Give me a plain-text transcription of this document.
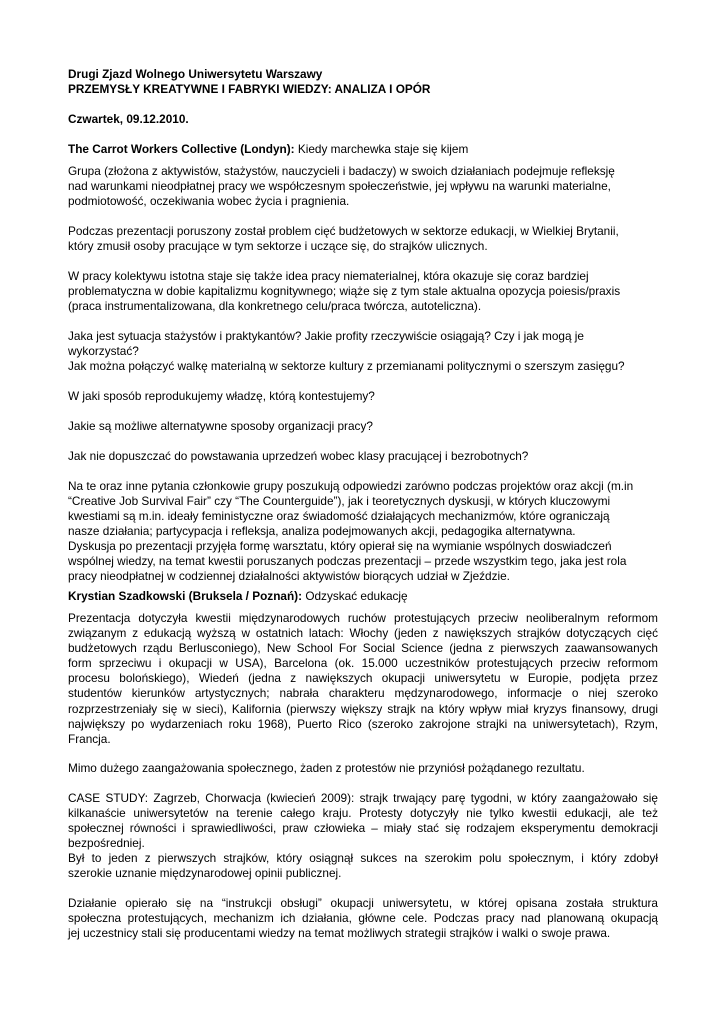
Drugi Zjazd Wolnego Uniwersytetu Warszawy
PRZEMYSŁY KREATYWNE I FABRYKI WIEDZY: ANALIZA I OPÓR
Czwartek, 09.12.2010.
The Carrot Workers Collective (Londyn): Kiedy marchewka staje się kijem
Grupa (złożona z aktywistów, stażystów, nauczycieli i badaczy) w swoich działaniach podejmuje refleksję
nad warunkami nieodpłatnej pracy we współczesnym społeczeństwie, jej wpływu na warunki materialne,
podmiotowość, oczekiwania wobec życia i pragnienia.
Podczas prezentacji poruszony został problem cięć budżetowych w sektorze edukacji, w Wielkiej Brytanii,
który zmusił osoby pracujące w tym sektorze i uczące się, do strajków ulicznych.
W pracy kolektywu istotna staje się także idea pracy niematerialnej, która okazuje się coraz bardziej
problematyczna w dobie kapitalizmu kognitywnego; wiąże się z tym stale aktualna opozycja poiesis/praxis
(praca instrumentalizowana, dla konkretnego celu/praca twórcza, autoteliczna).
Jaka jest sytuacja stażystów i praktykantów? Jakie profity rzeczywiście osiągają? Czy i jak mogą je
wykorzystać?
Jak można połączyć walkę materialną w sektorze kultury z przemianami politycznymi o szerszym zasięgu?
W jaki sposób reprodukujemy władzę, którą kontestujemy?
Jakie są możliwe alternatywne sposoby organizacji pracy?
Jak nie dopuszczać do powstawania uprzedzeń wobec klasy pracującej i bezrobotnych?
Na te oraz inne pytania członkowie grupy poszukują odpowiedzi zarówno podczas projektów oraz akcji (m.in
“Creative Job Survival Fair” czy “The Counterguide”), jak i teoretycznych dyskusji, w których kluczowymi
kwestiami są m.in. ideały feministyczne oraz świadomość działających mechanizmów, które ograniczają
nasze działania; partycypacja i refleksja, analiza podejmowanych akcji, pedagogika alternatywna.
Dyskusja po prezentacji przyjęła formę warsztatu, który opierał się na wymianie wspólnych doswiadczeń
wspólnej wiedzy, na temat kwestii poruszanych podczas prezentacji – przede wszystkim tego, jaka jest rola
pracy nieodpłatnej w codziennej działalności aktywistów biorących udział w Zjeździe.
Krystian Szadkowski (Bruksela / Poznań): Odzyskać edukację
Prezentacja dotyczyła kwestii międzynarodowych ruchów protestujących przeciw neoliberalnym reformom
związanym z edukacją wyższą w ostatnich latach: Włochy (jeden z nawiększych strajków dotyczących cięć
budżetowych rządu Berlusconiego), New School For Social Science (jedna z pierwszych zaawansowanych
form sprzeciwu i okupacji w USA), Barcelona (ok. 15.000 uczestników protestujących przeciw reformom
procesu bolońskiego), Wiedeń (jedna z nawiększych okupacji uniwersytetu w Europie, podjęta przez
studentów kierunków artystycznych; nabrała charakteru mędzynarodowego, informacje o niej szeroko
rozprzestrzeniały się w sieci), Kalifornia (pierwszy większy strajk na który wpływ miał kryzys finansowy, drugi
największy po wydarzeniach roku 1968), Puerto Rico (szeroko zakrojone strajki na uniwersytetach), Rzym,
Francja.
Mimo dużego zaangażowania społecznego, żaden z protestów nie przyniósł pożądanego rezultatu.
CASE STUDY: Zagrzeb, Chorwacja (kwiecień 2009): strajk trwający parę tygodni, w który zaangażowało się
kilkanaście uniwersytetów na terenie całego kraju. Protesty dotyczyły nie tylko kwestii edukacji, ale też
społecznej równości i sprawiedliwości, praw człowieka – miały stać się rodzajem eksperymentu demokracji
bezpośredniej.
Był to jeden z pierwszych strajków, który osiągnął sukces na szerokim polu społecznym, i który zdobył
szerokie uznanie międzynarodowej opinii publicznej.
Działanie opierało się na “instrukcji obsługi” okupacji uniwersytetu, w której opisana została struktura
społeczna protestujących, mechanizm ich działania, główne cele. Podczas pracy nad planowaną okupacją
jej uczestnicy stali się producentami wiedzy na temat możliwych strategii strajków i walki o swoje prawa.
